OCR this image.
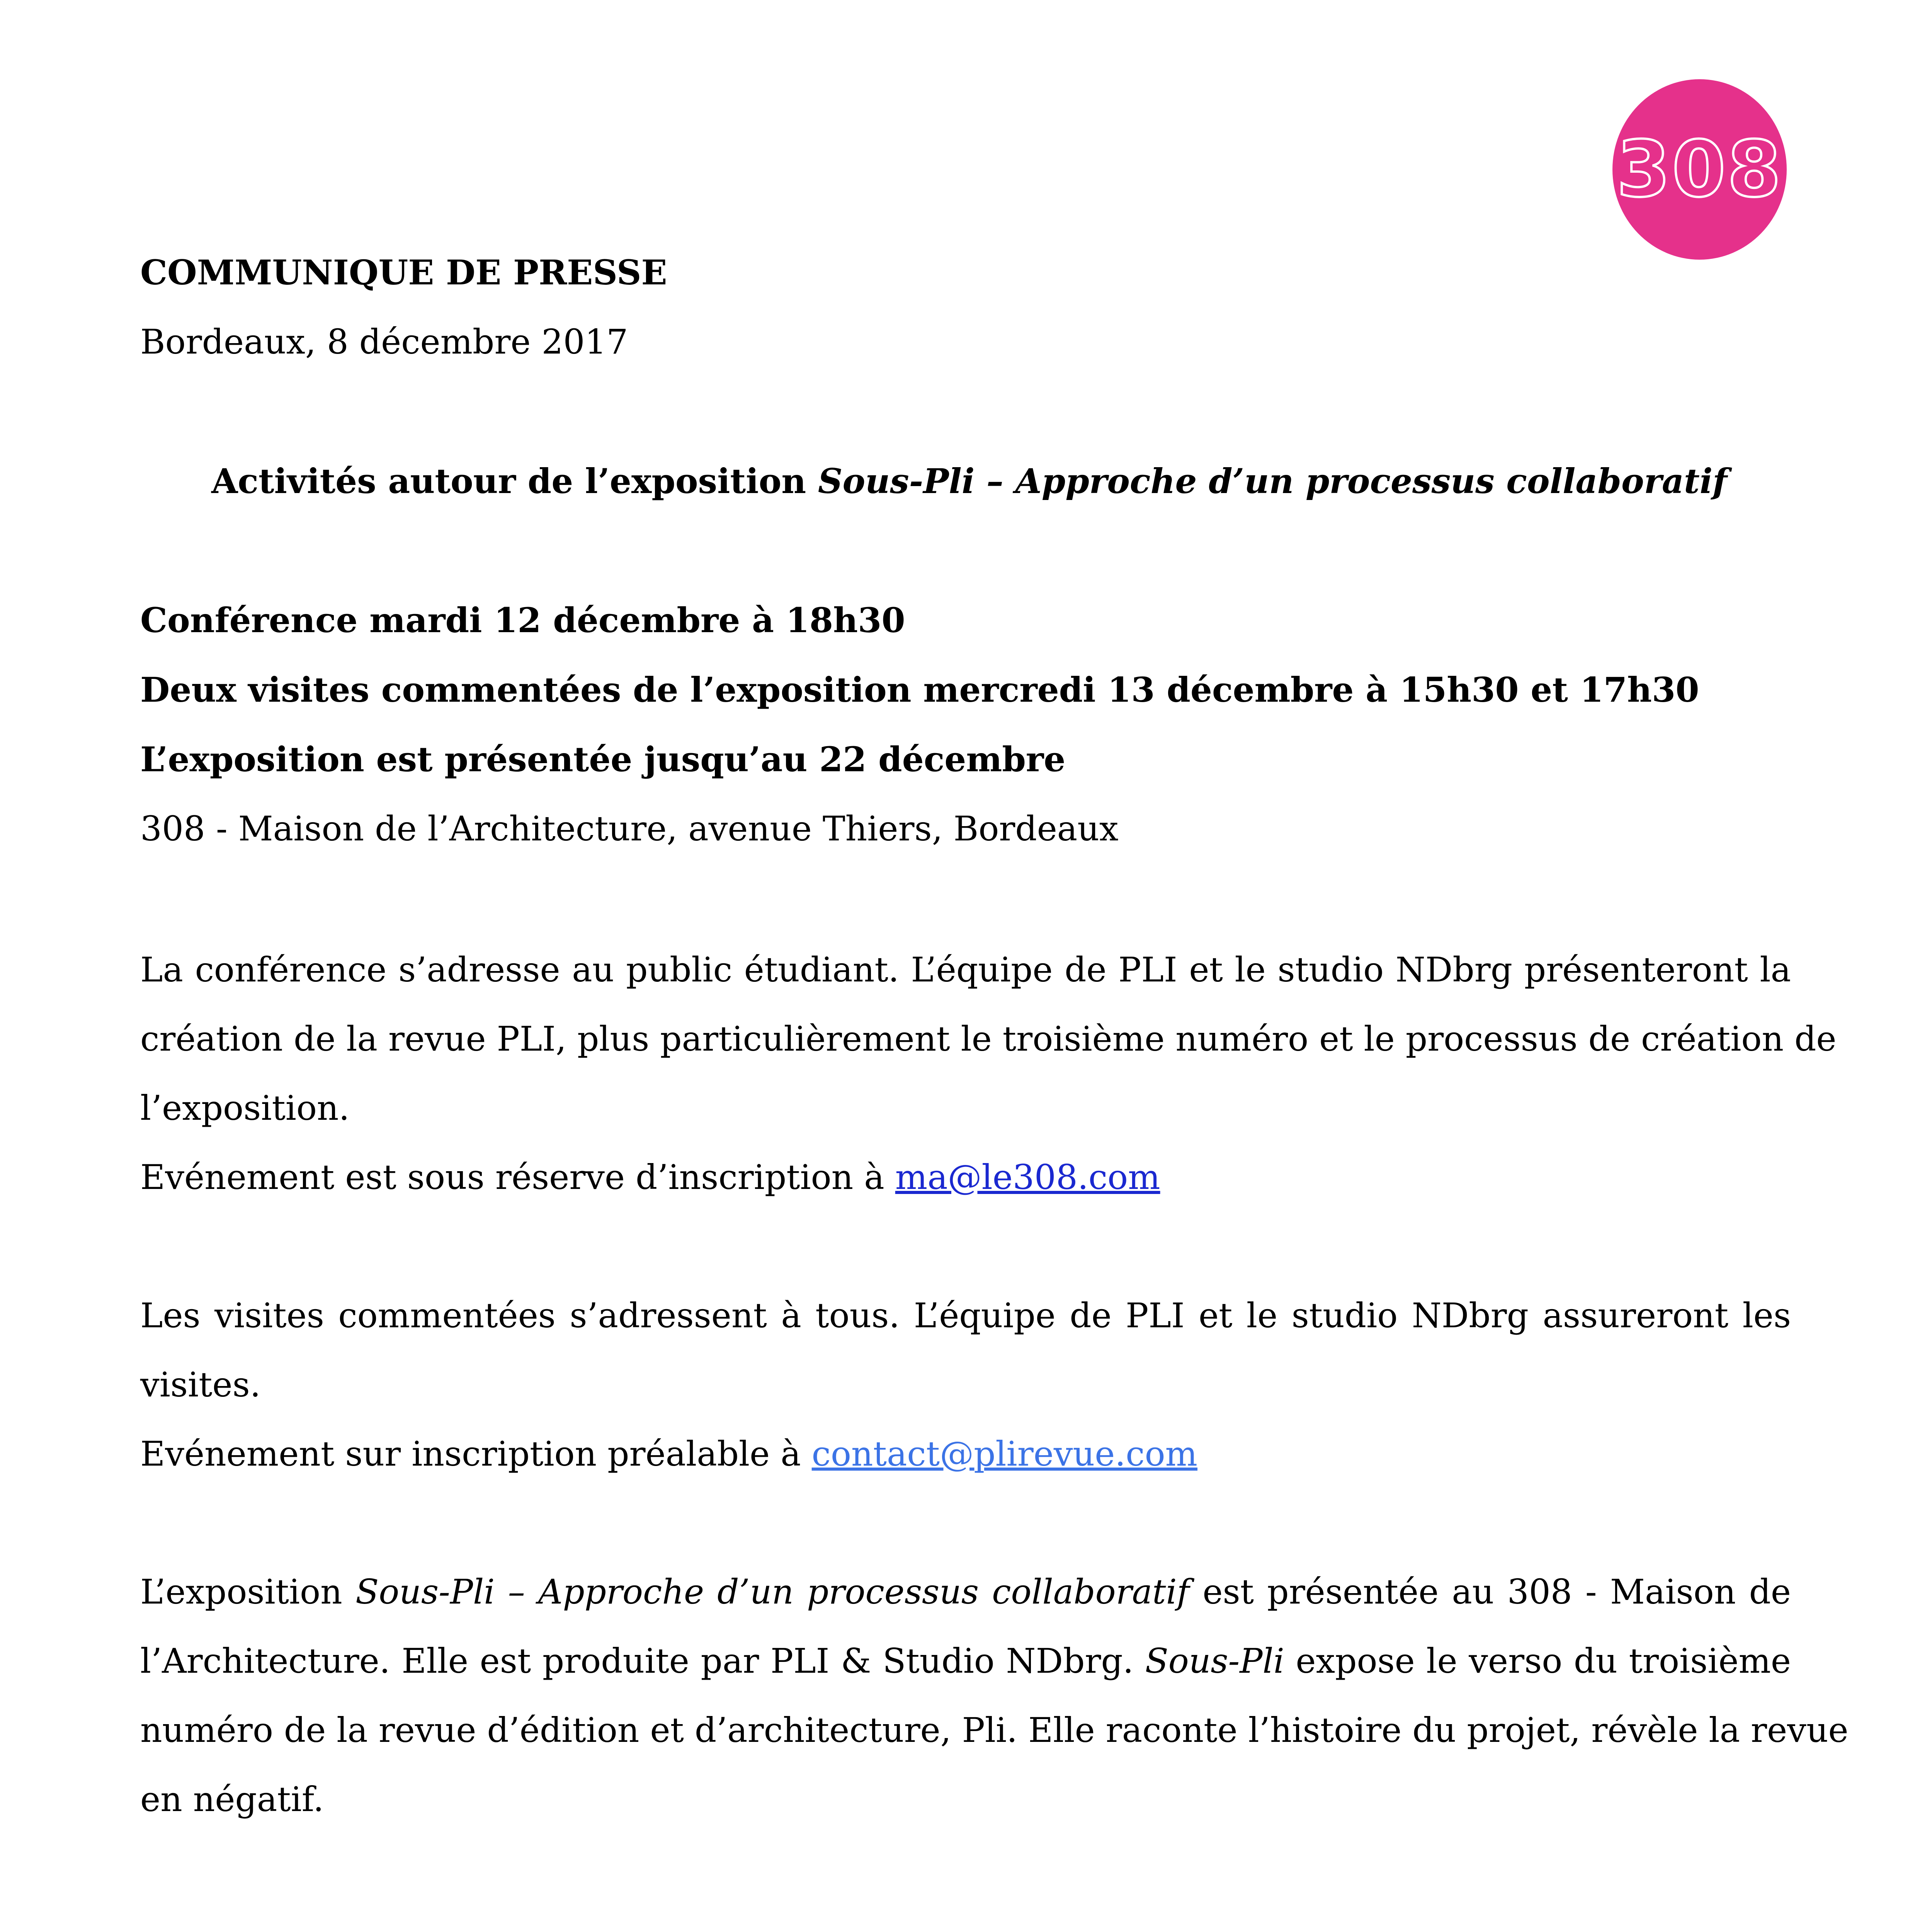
308
COMMUNIQUE DE PRESSE
Bordeaux, 8 décembre 2017
Activités autour de l’exposition Sous-Pli – Approche d’un processus collaboratif
Conférence mardi 12 décembre à 18h30
Deux visites commentées de l’exposition mercredi 13 décembre à 15h30 et 17h30
L’exposition est présentée jusqu’au 22 décembre
308 - Maison de l’Architecture, avenue Thiers, Bordeaux
La conférence s’adresse au public étudiant. L’équipe de PLI et le studio NDbrg présenteront la
création de la revue PLI, plus particulièrement le troisième numéro et le processus de création de
l’exposition.
Evénement est sous réserve d’inscription à ma@le308.com
Les visites commentées s’adressent à tous. L’équipe de PLI et le studio NDbrg assureront les
visites.
Evénement sur inscription préalable à contact@plirevue.com
L’exposition Sous-Pli – Approche d’un processus collaboratif est présentée au 308 - Maison de
l’Architecture. Elle est produite par PLI & Studio NDbrg. Sous-Pli expose le verso du troisième
numéro de la revue d’édition et d’architecture, Pli. Elle raconte l’histoire du projet, révèle la revue
en négatif.
